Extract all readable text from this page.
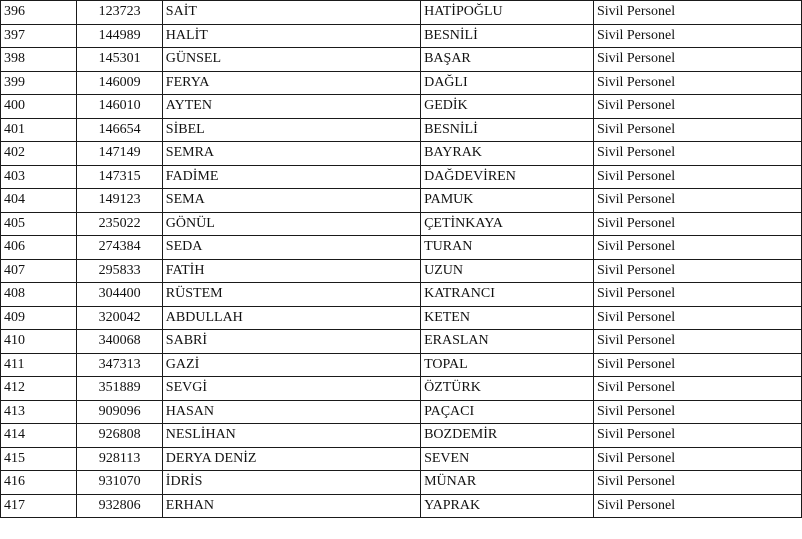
396	123723	SAİT	HATİPOĞLU	Sivil Personel
397	144989	HALİT	BESNİLİ	Sivil Personel
398	145301	GÜNSEL	BAŞAR	Sivil Personel
399	146009	FERYA	DAĞLI	Sivil Personel
400	146010	AYTEN	GEDİK	Sivil Personel
401	146654	SİBEL	BESNİLİ	Sivil Personel
402	147149	SEMRA	BAYRAK	Sivil Personel
403	147315	FADİME	DAĞDEVİREN	Sivil Personel
404	149123	SEMA	PAMUK	Sivil Personel
405	235022	GÖNÜL	ÇETİNKAYA	Sivil Personel
406	274384	SEDA	TURAN	Sivil Personel
407	295833	FATİH	UZUN	Sivil Personel
408	304400	RÜSTEM	KATRANCI	Sivil Personel
409	320042	ABDULLAH	KETEN	Sivil Personel
410	340068	SABRİ	ERASLAN	Sivil Personel
411	347313	GAZİ	TOPAL	Sivil Personel
412	351889	SEVGİ	ÖZTÜRK	Sivil Personel
413	909096	HASAN	PAÇACI	Sivil Personel
414	926808	NESLİHAN	BOZDEMİR	Sivil Personel
415	928113	DERYA DENİZ	SEVEN	Sivil Personel
416	931070	İDRİS	MÜNAR	Sivil Personel
417	932806	ERHAN	YAPRAK	Sivil Personel
